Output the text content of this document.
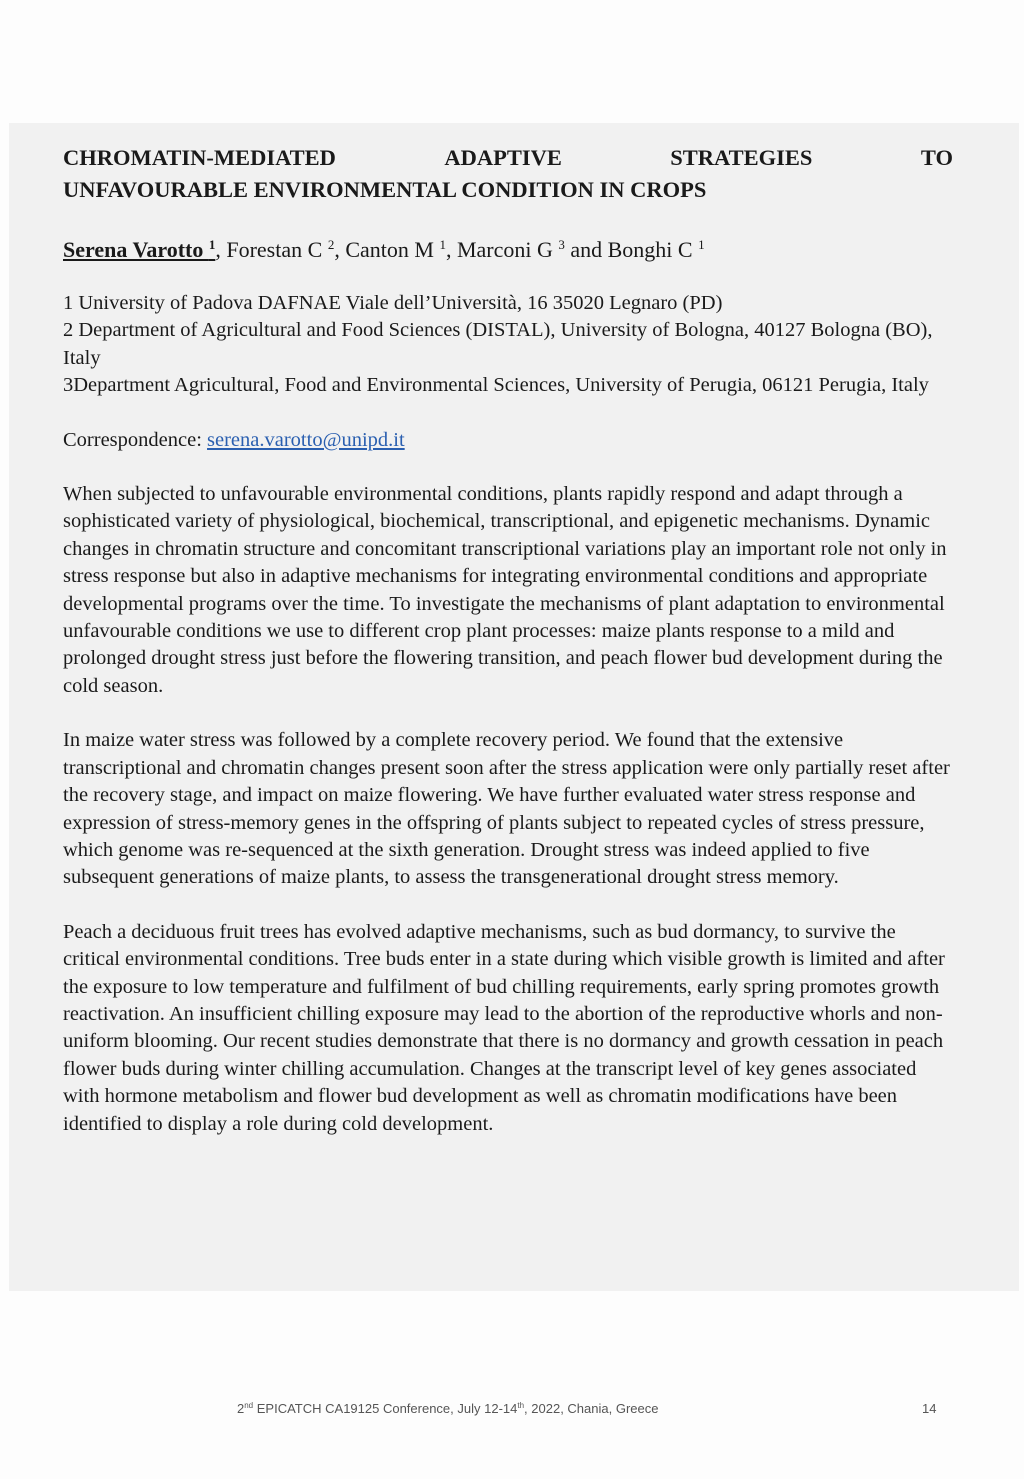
CHROMATIN-MEDIATED	ADAPTIVE	STRATEGIES	TO
UNFAVOURABLE ENVIRONMENTAL CONDITION IN CROPS
Serena Varotto $^1$, Forestan C $^2$, Canton M $^1$, Marconi G $^3$ and Bonghi C $^1$
1 University of Padova DAFNAE Viale dell’Università, 16 35020 Legnaro (PD)
2 Department of Agricultural and Food Sciences (DISTAL), University of Bologna, 40127 Bologna (BO), Italy
3Department Agricultural, Food and Environmental Sciences, University of Perugia, 06121 Perugia, Italy
Correspondence: serena.varotto@unipd.it

When subjected to unfavourable environmental conditions, plants rapidly respond and adapt through a sophisticated variety of physiological, biochemical, transcriptional, and epigenetic mechanisms. Dynamic changes in chromatin structure and concomitant transcriptional variations play an important role not only in stress response but also in adaptive mechanisms for integrating environmental conditions and appropriate developmental programs over the time. To investigate the mechanisms of plant adaptation to environmental unfavourable conditions we use to different crop plant processes: maize plants response to a mild and prolonged drought stress just before the flowering transition, and peach flower bud development during the cold season.

In maize water stress was followed by a complete recovery period. We found that the extensive transcriptional and chromatin changes present soon after the stress application were only partially reset after the recovery stage, and impact on maize flowering. We have further evaluated water stress response and expression of stress-memory genes in the offspring of plants subject to repeated cycles of stress pressure, which genome was re-sequenced at the sixth generation. Drought stress was indeed applied to five subsequent generations of maize plants, to assess the transgenerational drought stress memory.

Peach a deciduous fruit trees has evolved adaptive mechanisms, such as bud dormancy, to survive the critical environmental conditions. Tree buds enter in a state during which visible growth is limited and after the exposure to low temperature and fulfilment of bud chilling requirements, early spring promotes growth reactivation. An insufficient chilling exposure may lead to the abortion of the reproductive whorls and non-uniform blooming. Our recent studies demonstrate that there is no dormancy and growth cessation in peach flower buds during winter chilling accumulation. Changes at the transcript level of key genes associated with hormone metabolism and flower bud development as well as chromatin modifications have been identified to display a role during cold development.

2nd EPICATCH CA19125 Conference, July 12-14th, 2022, Chania, Greece	14
